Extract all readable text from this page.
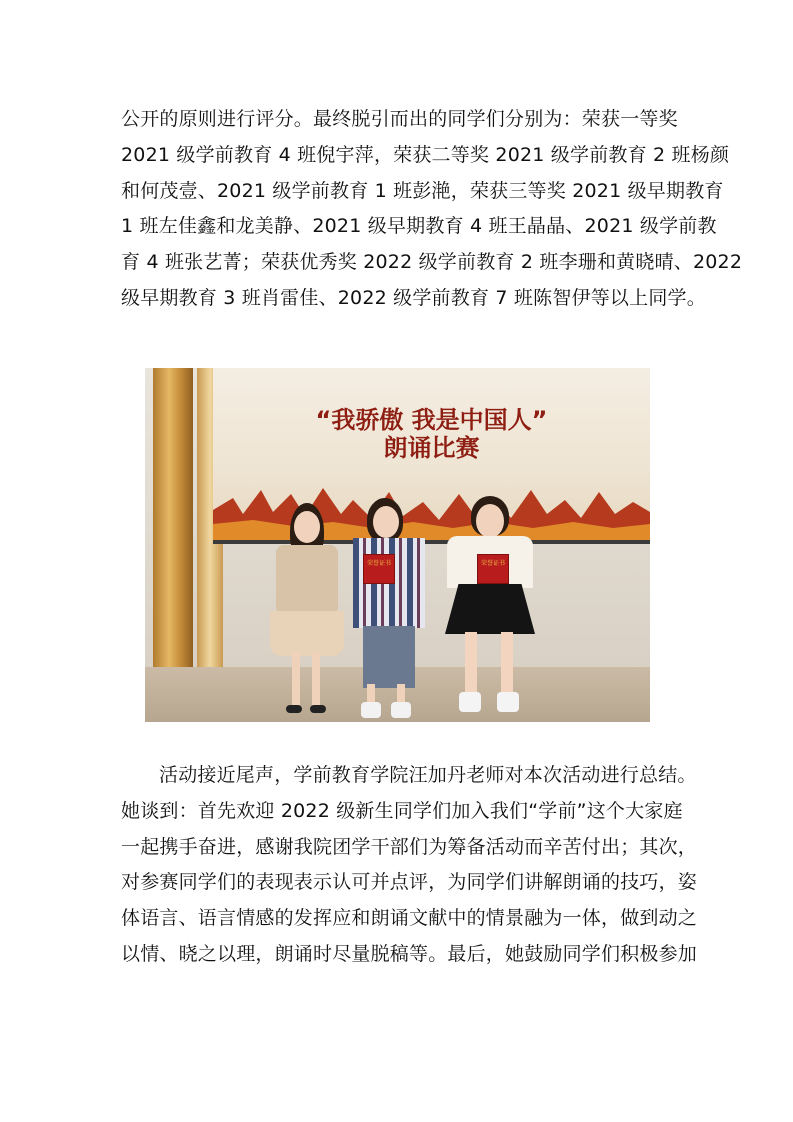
公开的原则进行评分。最终脱引而出的同学们分别为：荣获一等奖

2021 级学前教育 4 班倪宇萍，荣获二等奖 2021 级学前教育 2 班杨颜

和何茂壹、2021 级学前教育 1 班彭滟，荣获三等奖 2021 级早期教育

1 班左佳鑫和龙美静、2021 级早期教育 4 班王晶晶、2021 级学前教

育 4 班张艺菁；荣获优秀奖 2022 级学前教育 2 班李珊和黄晓晴、2022

级早期教育 3 班肖雷佳、2022 级学前教育 7 班陈智伊等以上同学。

“我骄傲 我是中国人”
朗诵比赛
荣誉证书	荣誉证书

活动接近尾声，学前教育学院汪加丹老师对本次活动进行总结。

她谈到：首先欢迎 2022 级新生同学们加入我们“学前”这个大家庭

一起携手奋进，感谢我院团学干部们为筹备活动而辛苦付出；其次，

对参赛同学们的表现表示认可并点评，为同学们讲解朗诵的技巧，姿

体语言、语言情感的发挥应和朗诵文献中的情景融为一体，做到动之

以情、晓之以理，朗诵时尽量脱稿等。最后，她鼓励同学们积极参加
